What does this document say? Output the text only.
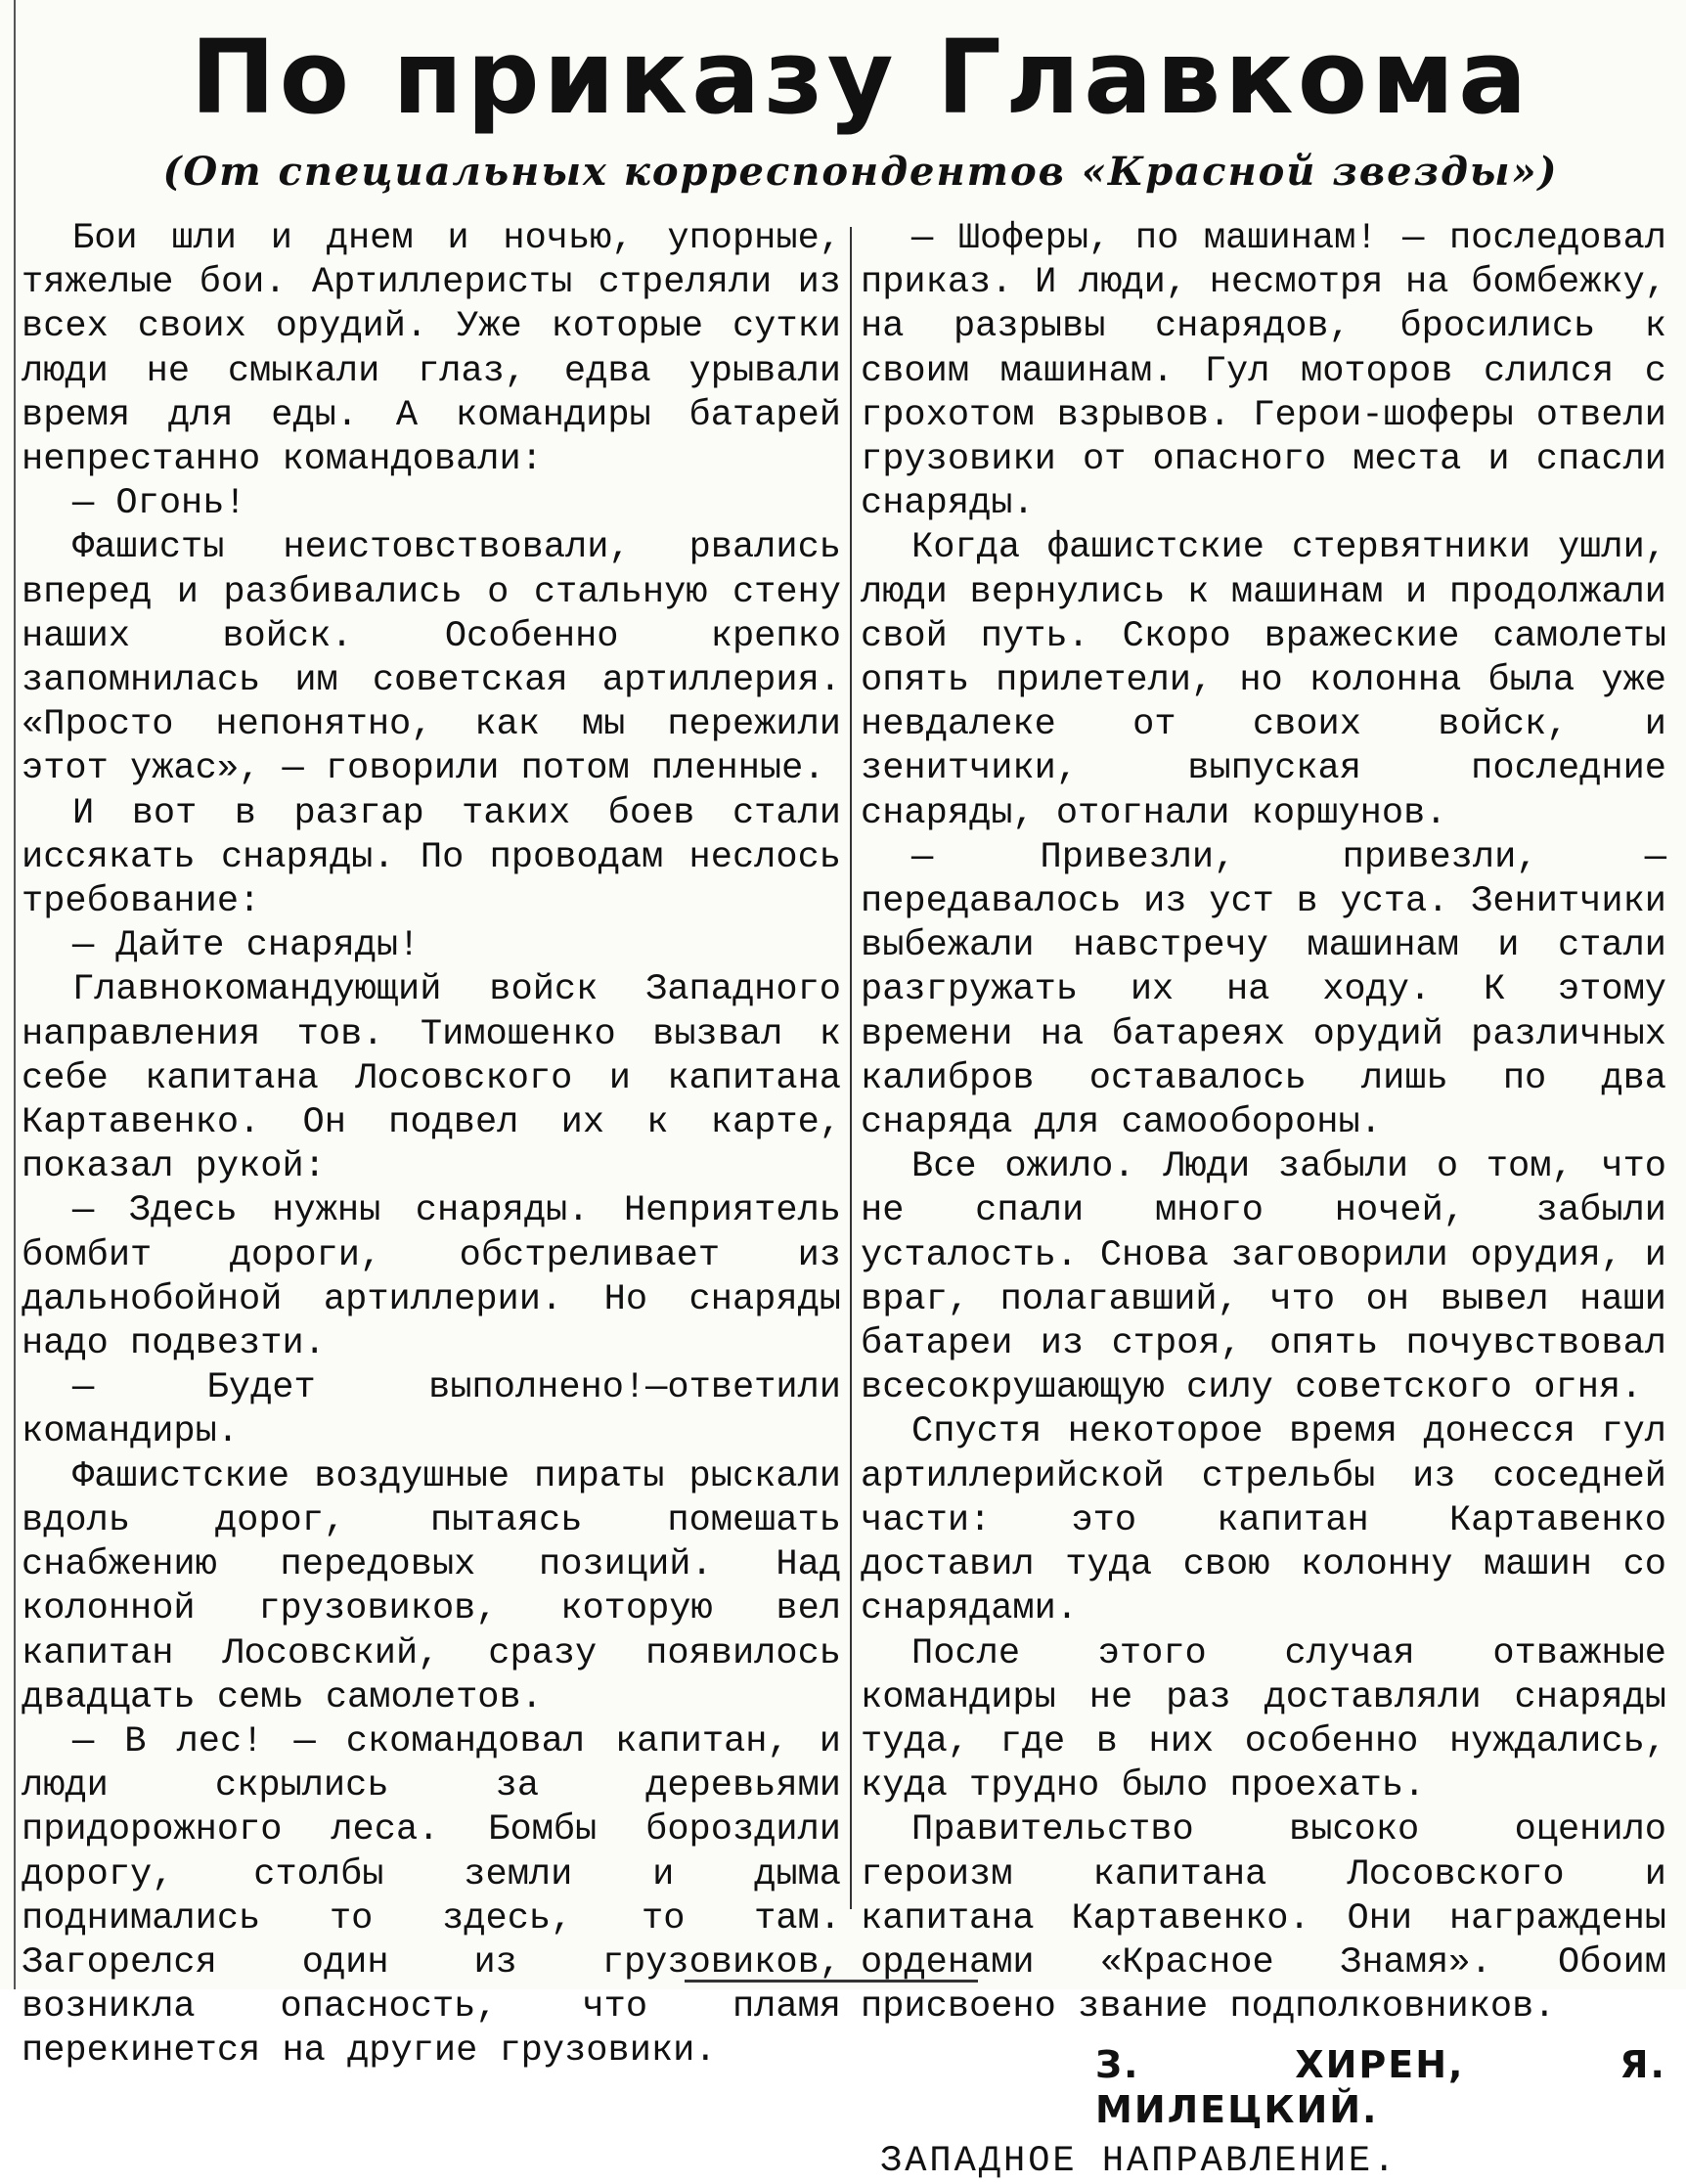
По приказу Главкома
(От специальных корреспондентов «Красной звезды»)

Бои шли и днем и ночью, упорные, тяжелые бои. Артиллеристы стреляли из всех своих орудий. Уже которые сутки люди не смыкали глаз, едва урывали время для еды. А командиры батарей непрестанно командовали:

— Огонь!

Фашисты неистовствовали, рвались вперед и разбивались о стальную стену наших войск. Особенно крепко запомнилась им советская артиллерия. «Просто непонятно, как мы пережили этот ужас», — говорили потом пленные.

И вот в разгар таких боев стали иссякать снаряды. По проводам неслось требование:

— Дайте снаряды!

Главнокомандующий войск Западного направления тов. Тимошенко вызвал к себе капитана Лосовского и капитана Картавенко. Он подвел их к карте, показал рукой:

— Здесь нужны снаряды. Неприятель бомбит дороги, обстреливает из дальнобойной артиллерии. Но снаряды надо подвезти.

— Будет выполнено!—ответили командиры.

Фашистские воздушные пираты рыскали вдоль дорог, пытаясь помешать снабжению передовых позиций. Над колонной грузовиков, которую вел капитан Лосовский, сразу появилось двадцать семь самолетов.

— В лес! — скомандовал капитан, и люди скрылись за деревьями придорожного леса. Бомбы бороздили дорогу, столбы земли и дыма поднимались то здесь, то там. Загорелся один из грузовиков, возникла опасность, что пламя перекинется на другие грузовики.

— Шоферы, по машинам! — последовал приказ. И люди, несмотря на бомбежку, на разрывы снарядов, бросились к своим машинам. Гул моторов слился с грохотом взрывов. Герои-шоферы отвели грузовики от опасного места и спасли снаряды.

Когда фашистские стервятники ушли, люди вернулись к машинам и продолжали свой путь. Скоро вражеские самолеты опять прилетели, но колонна была уже невдалеке от своих войск, и зенитчики, выпуская последние снаряды, отогнали коршунов.

— Привезли, привезли, — передавалось из уст в уста. Зенитчики выбежали навстречу машинам и стали разгружать их на ходу. К этому времени на батареях орудий различных калибров оставалось лишь по два снаряда для самообороны.

Все ожило. Люди забыли о том, что не спали много ночей, забыли усталость. Снова заговорили орудия, и враг, полагавший, что он вывел наши батареи из строя, опять почувствовал всесокрушающую силу советского огня.

Спустя некоторое время донесся гул артиллерийской стрельбы из соседней части: это капитан Картавенко доставил туда свою колонну машин со снарядами.

После этого случая отважные командиры не раз доставляли снаряды туда, где в них особенно нуждались, куда трудно было проехать.

Правительство высоко оценило героизм капитана Лосовского и капитана Картавенко. Они награждены орденами «Красное Знамя». Обоим присвоено звание подполковников.

З. ХИРЕН, Я. МИЛЕЦКИЙ.
ЗАПАДНОЕ НАПРАВЛЕНИЕ.
